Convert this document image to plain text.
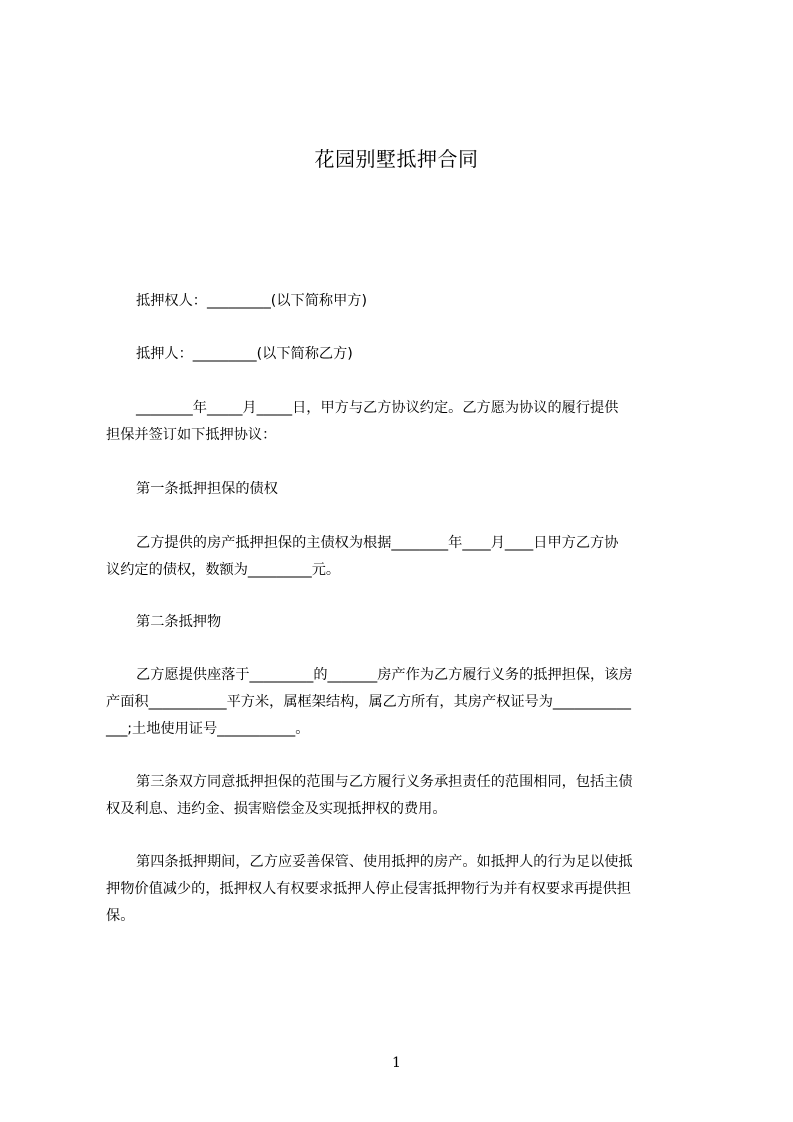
花园别墅抵押合同
抵押权人：_________(以下简称甲方)
抵押人：_________(以下简称乙方)
________年_____月_____日，甲方与乙方协议约定。乙方愿为协议的履行提供
担保并签订如下抵押协议：
第一条抵押担保的债权
乙方提供的房产抵押担保的主债权为根据________年____月____日甲方乙方协
议约定的债权，数额为_________元。
第二条抵押物
乙方愿提供座落于_________的_______房产作为乙方履行义务的抵押担保，该房
产面积___________平方米，属框架结构，属乙方所有，其房产权证号为___________
___;土地使用证号___________。
第三条双方同意抵押担保的范围与乙方履行义务承担责任的范围相同，包括主债
权及利息、违约金、损害赔偿金及实现抵押权的费用。
第四条抵押期间，乙方应妥善保管、使用抵押的房产。如抵押人的行为足以使抵
押物价值减少的，抵押权人有权要求抵押人停止侵害抵押物行为并有权要求再提供担
保。
1
